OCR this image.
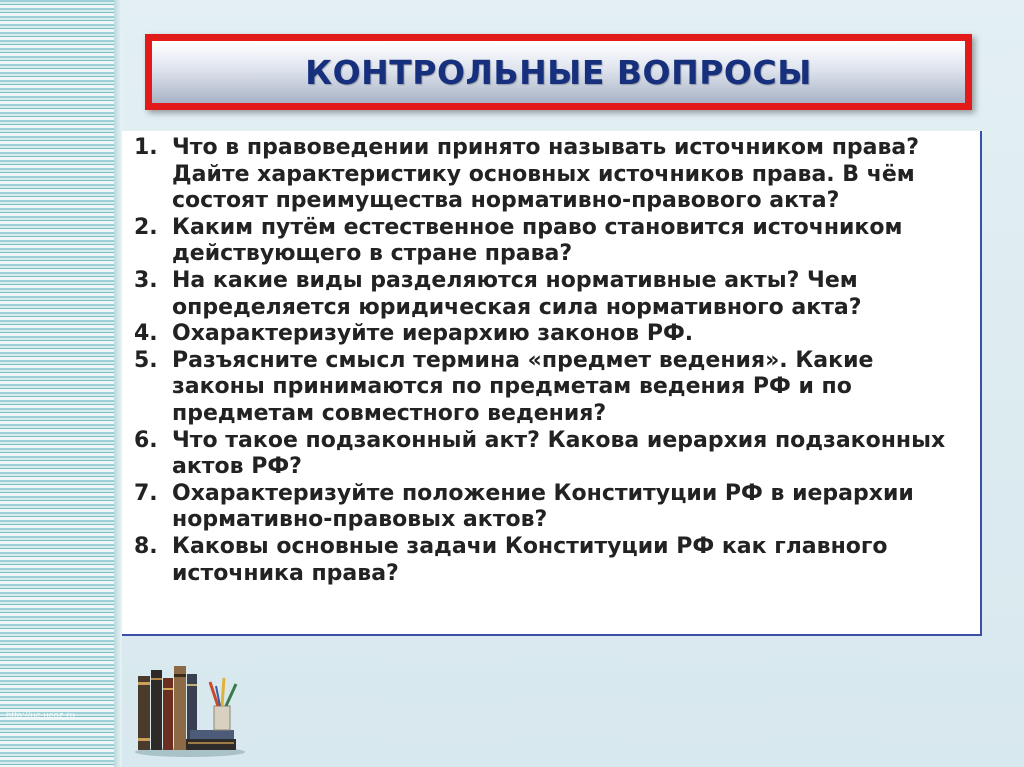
http://uc.ucoz.ru
КОНТРОЛЬНЫЕ ВОПРОСЫ
1. Что в правоведении принято называть источником права? Дайте характеристику основных источников права. В чём состоят преимущества нормативно-правового акта?
2. Каким путём естественное право становится источником действующего в стране права?
3. На какие виды разделяются нормативные акты? Чем определяется юридическая сила нормативного акта?
4. Охарактеризуйте иерархию законов РФ.
5. Разъясните смысл термина «предмет ведения». Какие законы принимаются по предметам ведения РФ и по предметам совместного ведения?
6. Что такое подзаконный акт? Какова иерархия подзаконных актов РФ?
7. Охарактеризуйте положение Конституции РФ в иерархии нормативно-правовых актов?
8. Каковы основные задачи Конституции РФ как главного источника права?
